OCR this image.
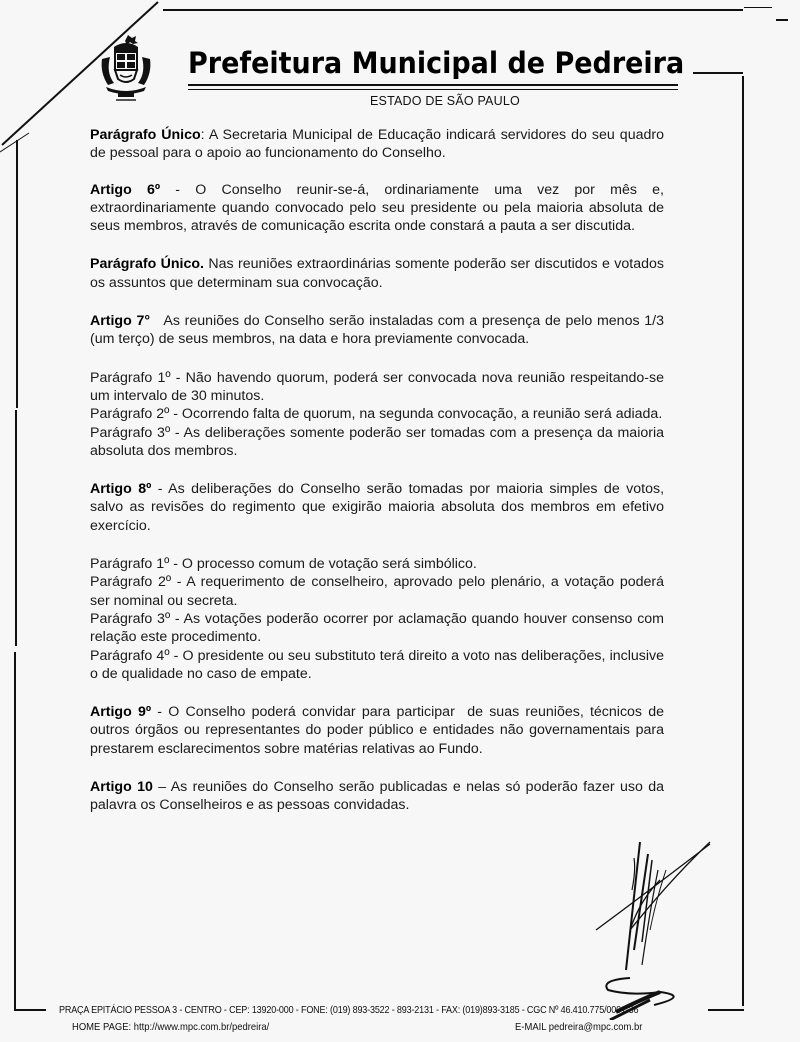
Prefeitura Municipal de Pedreira
ESTADO DE SÃO PAULO

Parágrafo Único: A Secretaria Municipal de Educação indicará servidores do seu quadro de pessoal para o apoio ao funcionamento do Conselho.

Artigo 6º - O Conselho reunir-se-á, ordinariamente uma vez por mês e, extraordinariamente quando convocado pelo seu presidente ou pela maioria absoluta de seus membros, através de comunicação escrita onde constará a pauta a ser discutida.

Parágrafo Único. Nas reuniões extraordinárias somente poderão ser discutidos e votados os assuntos que determinam sua convocação.

Artigo 7°   As reuniões do Conselho serão instaladas com a presença de pelo menos 1/3  (um terço) de seus membros, na data e hora previamente convocada.

Parágrafo 1º - Não havendo quorum, poderá ser convocada nova reunião respeitando-se um intervalo de 30 minutos.

Parágrafo 2º - Ocorrendo falta de quorum, na segunda convocação, a reunião será adiada.

Parágrafo 3º - As deliberações somente poderão ser tomadas com a presença da maioria absoluta dos membros.

Artigo 8º - As deliberações do Conselho serão tomadas por maioria simples de votos, salvo as revisões do regimento que exigirão maioria absoluta dos membros em efetivo exercício.

Parágrafo 1º - O processo comum de votação será simbólico.

Parágrafo 2º - A requerimento de conselheiro, aprovado pelo plenário, a votação poderá ser nominal ou secreta.

Parágrafo 3º - As votações poderão ocorrer por aclamação quando houver consenso com relação este procedimento.

Parágrafo 4º - O presidente ou seu substituto terá direito a voto nas deliberações, inclusive o de qualidade no caso de empate.

Artigo 9º - O Conselho poderá convidar para participar  de suas reuniões, técnicos de outros órgãos ou representantes do poder público e entidades não governamentais para prestarem esclarecimentos sobre matérias relativas ao Fundo.

Artigo 10 – As reuniões do Conselho serão publicadas e nelas só poderão fazer uso da palavra os Conselheiros e as pessoas convidadas.

PRAÇA EPITÁCIO PESSOA 3 - CENTRO - CEP: 13920-000 - FONE: (019) 893-3522 - 893-2131 - FAX: (019)893-3185 - CGC Nº 46.410.775/0001-36
HOME PAGE: http://www.mpc.com.br/pedreira/	E-MAIL pedreira@mpc.com.br
